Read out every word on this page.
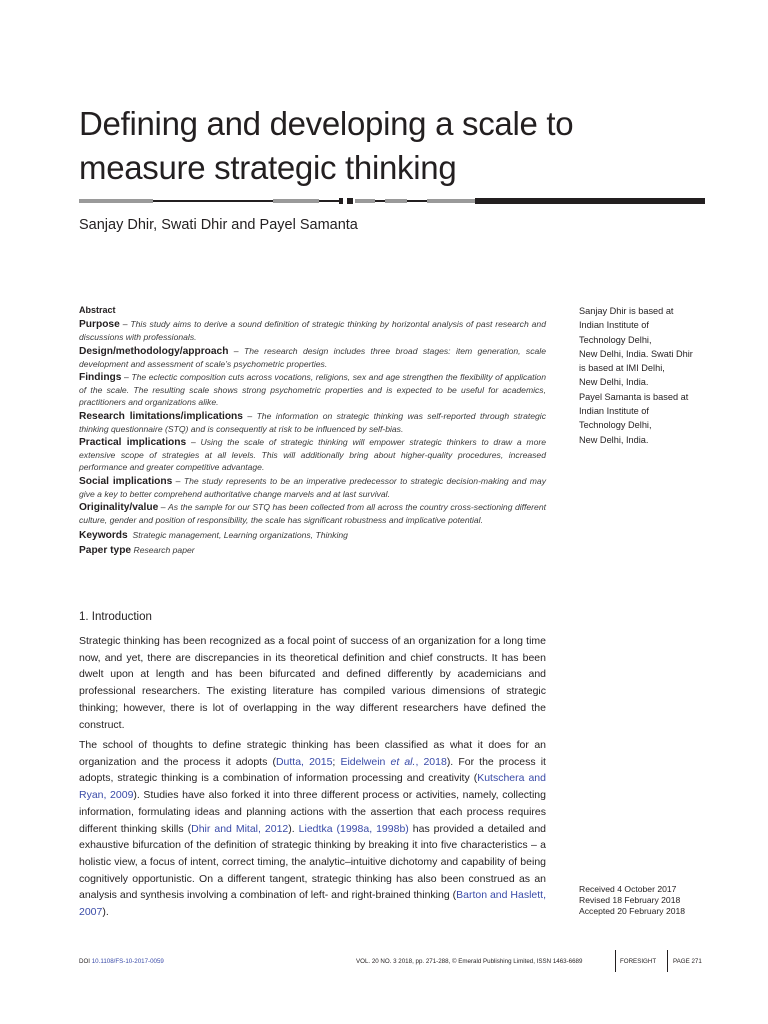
Defining and developing a scale to
measure strategic thinking
Sanjay Dhir, Swati Dhir and Payel Samanta
Abstract
Purpose – This study aims to derive a sound definition of strategic thinking by horizontal analysis of past research and discussions with professionals.
Design/methodology/approach – The research design includes three broad stages: item generation, scale development and assessment of scale’s psychometric properties.
Findings – The eclectic composition cuts across vocations, religions, sex and age strengthen the flexibility of application of the scale. The resulting scale shows strong psychometric properties and is expected to be useful for academics, practitioners and organizations alike.
Research limitations/implications – The information on strategic thinking was self-reported through strategic thinking questionnaire (STQ) and is consequently at risk to be influenced by self-bias.
Practical implications – Using the scale of strategic thinking will empower strategic thinkers to draw a more extensive scope of strategies at all levels. This will additionally bring about higher-quality procedures, increased performance and greater competitive advantage.
Social implications – The study represents to be an imperative predecessor to strategic decision-making and may give a key to better comprehend authoritative change marvels and at last survival.
Originality/value – As the sample for our STQ has been collected from all across the country cross-sectioning different culture, gender and position of responsibility, the scale has significant robustness and implicative potential.
Keywords Strategic management, Learning organizations, Thinking
Paper type Research paper
Sanjay Dhir is based at
Indian Institute of
Technology Delhi,
New Delhi, India. Swati Dhir
is based at IMI Delhi,
New Delhi, India.
Payel Samanta is based at
Indian Institute of
Technology Delhi,
New Delhi, India.
1. Introduction
Strategic thinking has been recognized as a focal point of success of an organization for a long time now, and yet, there are discrepancies in its theoretical definition and chief constructs. It has been dwelt upon at length and has been bifurcated and defined differently by academicians and professional researchers. The existing literature has compiled various dimensions of strategic thinking; however, there is lot of overlapping in the way different researchers have defined the construct.
The school of thoughts to define strategic thinking has been classified as what it does for an organization and the process it adopts (Dutta, 2015; Eidelwein et al., 2018). For the process it adopts, strategic thinking is a combination of information processing and creativity (Kutschera and Ryan, 2009). Studies have also forked it into three different process or activities, namely, collecting information, formulating ideas and planning actions with the assertion that each process requires different thinking skills (Dhir and Mital, 2012). Liedtka (1998a, 1998b) has provided a detailed and exhaustive bifurcation of the definition of strategic thinking by breaking it into five characteristics – a holistic view, a focus of intent, correct timing, the analytic–intuitive dichotomy and capability of being cognitively opportunistic. On a different tangent, strategic thinking has also been construed as an analysis and synthesis involving a combination of left- and right-brained thinking (Barton and Haslett, 2007).
Received 4 October 2017
Revised 18 February 2018
Accepted 20 February 2018
DOI 10.1108/FS-10-2017-0059	VOL. 20 NO. 3 2018, pp. 271-288, © Emerald Publishing Limited, ISSN 1463-6689	FORESIGHT	PAGE 271
